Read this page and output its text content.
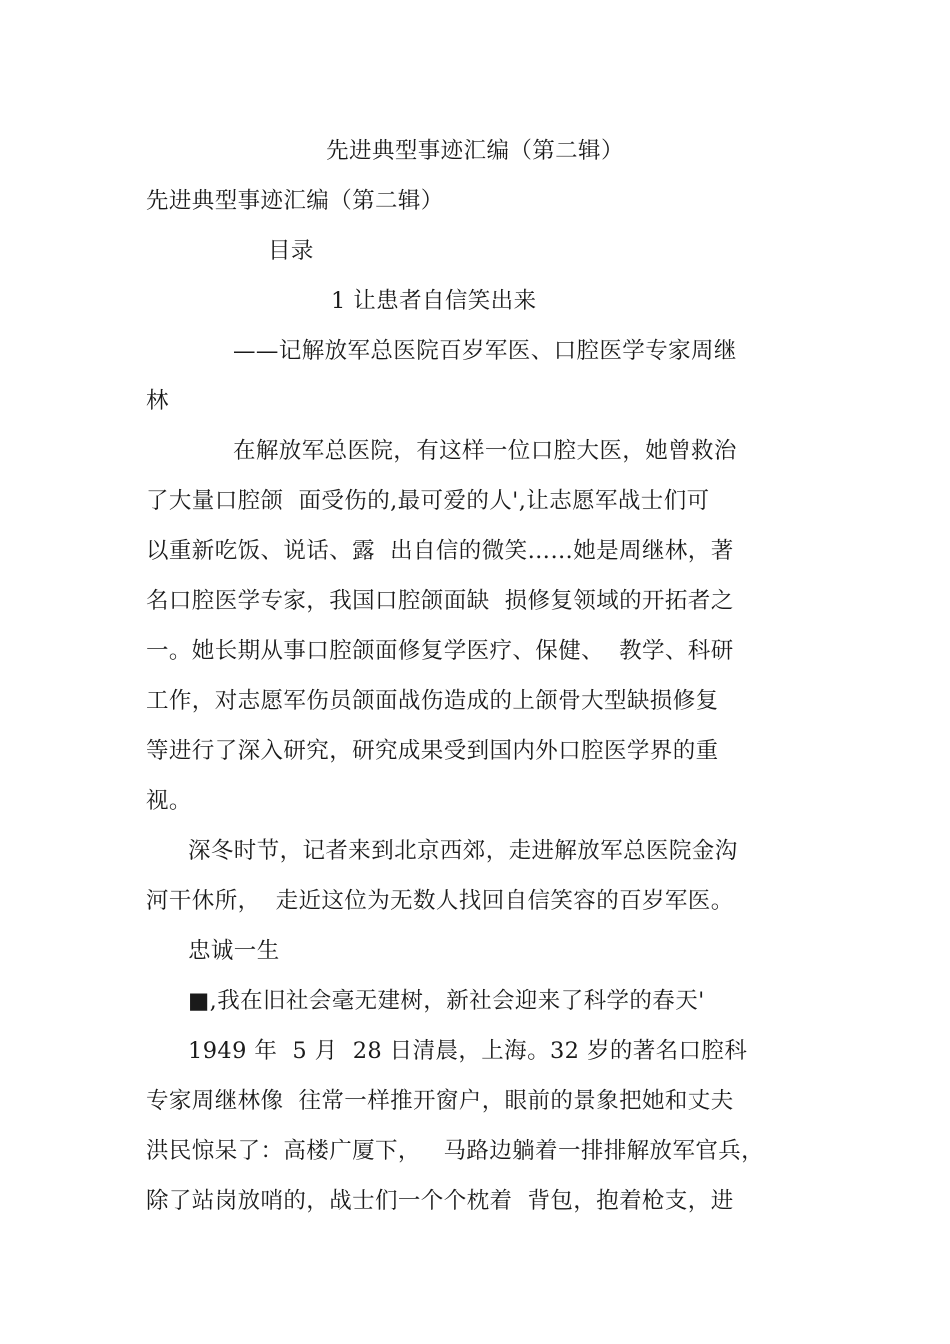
先进典型事迹汇编（第二辑）
先进典型事迹汇编（第二辑）
目录
1 让患者自信笑出来
——记解放军总医院百岁军医、口腔医学专家周继
林
在解放军总医院，有这样一位口腔大医，她曾救治
了大量口腔颌  面受伤的,最可爱的人',让志愿军战士们可
以重新吃饭、说话、露  出自信的微笑……她是周继林，著
名口腔医学专家，我国口腔颌面缺  损修复领域的开拓者之
一。她长期从事口腔颌面修复学医疗、保健、  教学、科研
工作，对志愿军伤员颌面战伤造成的上颌骨大型缺损修复
等进行了深入研究，研究成果受到国内外口腔医学界的重
视。
深冬时节，记者来到北京西郊，走进解放军总医院金沟
河干休所，  走近这位为无数人找回自信笑容的百岁军医。
忠诚一生
■,我在旧社会毫无建树，新社会迎来了科学的春天'
1949 年  5 月  28 日清晨，上海。32 岁的著名口腔科
专家周继林像  往常一样推开窗户，眼前的景象把她和丈夫
洪民惊呆了：高楼广厦下，   马路边躺着一排排解放军官兵，
除了站岗放哨的，战士们一个个枕着  背包，抱着枪支，进
